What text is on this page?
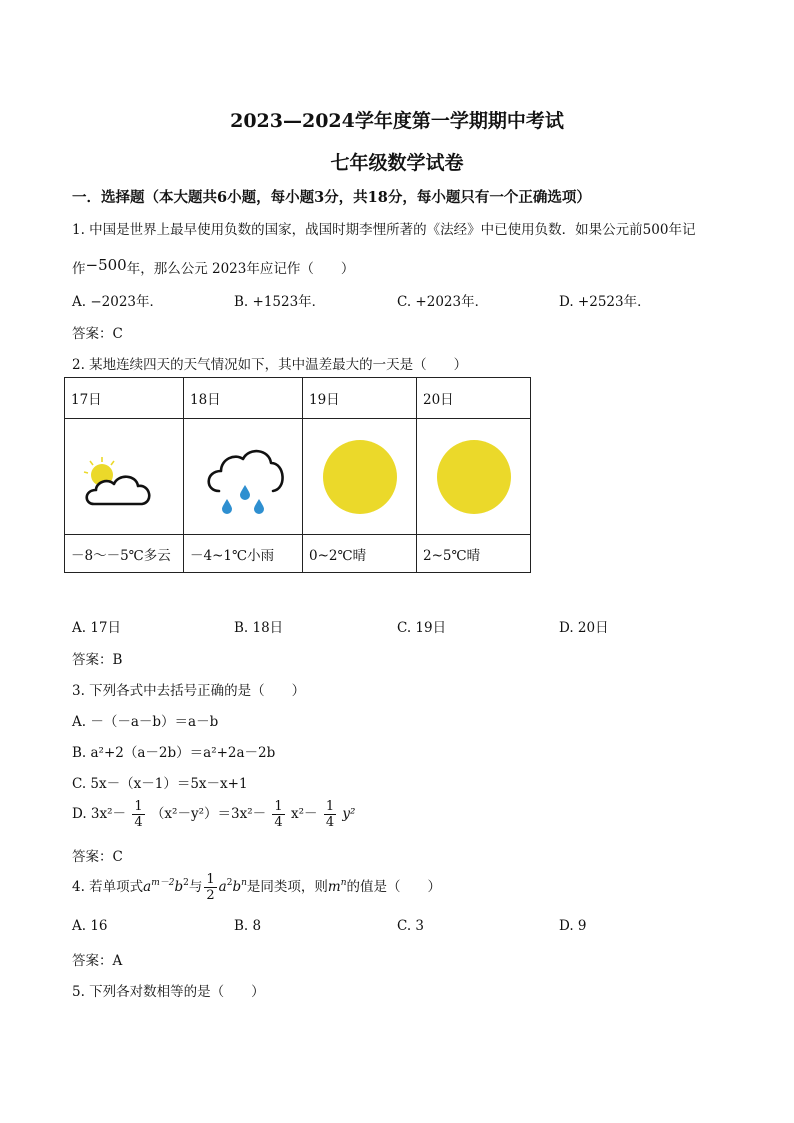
2023—2024学年度第一学期期中考试
七年级数学试卷
一．选择题（本大题共6小题，每小题3分，共18分，每小题只有一个正确选项）
1. 中国是世界上最早使用负数的国家，战国时期李悝所著的《法经》中已使用负数．如果公元前500年记
作−500年，那么公元 2023年应记作（　　）
A. −2023年．	B. +1523年．	C. +2023年．	D. +2523年．
答案：C
2. 某地连续四天的天气情况如下，其中温差最大的一天是（　　）
17日	18日	19日	20日

－8～－5℃多云	－4~1℃小雨	0~2℃晴	2~5℃晴
A. 17日	B. 18日	C. 19日	D. 20日
答案：B
3. 下列各式中去括号正确的是（　　）
A. －（－a－b）＝a－b
B. a²+2（a－2b）＝a²+2a－2b
C. 5x－（x－1）＝5x－x+1
D. $3x^2- \frac{1}{4} (x^2-y^2)=3x^2- \frac{1}{4} x^2- \frac{1}{4} y^2$
答案：C
4. 若单项式$a^{m-2}b^2$与 $\frac{1}{2} a^2b^n$是同类项，则$m^n$的值是（　　）
A. 16	B. 8	C. 3	D. 9
答案：A
5. 下列各对数相等的是（　　）
